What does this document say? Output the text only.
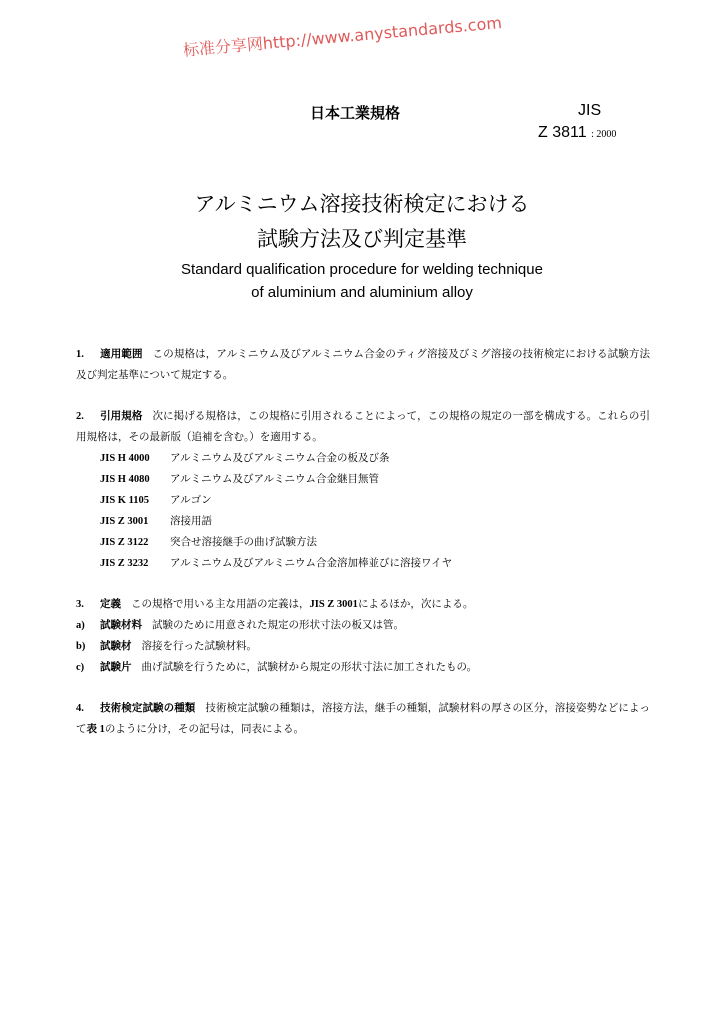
标准分享网http://www.anystandards.com
日本工業規格	JIS
Z 3811 : 2000
アルミニウム溶接技術検定における
試験方法及び判定基準
Standard qualification procedure for welding technique
of aluminium and aluminium alloy

1. 適用範囲 この規格は，アルミニウム及びアルミニウム合金のティグ溶接及びミグ溶接の技術検定における試験方法及び判定基準について規定する。

2. 引用規格 次に掲げる規格は，この規格に引用されることによって，この規格の規定の一部を構成する。これらの引用規格は，その最新版（追補を含む。）を適用する。

JIS H 4000 アルミニウム及びアルミニウム合金の板及び条
JIS H 4080 アルミニウム及びアルミニウム合金継目無管
JIS K 1105 アルゴン
JIS Z 3001 溶接用語
JIS Z 3122 突合せ溶接継手の曲げ試験方法
JIS Z 3232 アルミニウム及びアルミニウム合金溶加棒並びに溶接ワイヤ

3. 定義 この規格で用いる主な用語の定義は，JIS Z 3001によるほか，次による。

a) 試験材料 試験のために用意された規定の形状寸法の板又は管。
b) 試験材 溶接を行った試験材料。
c) 試験片 曲げ試験を行うために，試験材から規定の形状寸法に加工されたもの。

4. 技術検定試験の種類 技術検定試験の種類は，溶接方法，継手の種類，試験材料の厚さの区分，溶接姿勢などによって表 1のように分け，その記号は，同表による。
